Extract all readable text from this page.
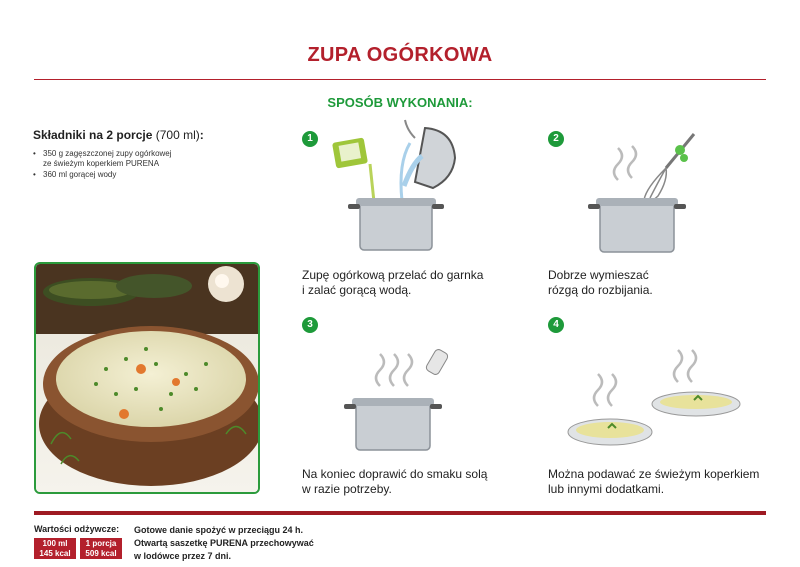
ZUPA OGÓRKOWA
SPOSÓB WYKONANIA:
Składniki na 2 porcje (700 ml):
• 350 g zagęszczonej zupy ogórkowej
ze świeżym koperkiem PURENA
• 360 ml gorącej wody
1
Zupę ogórkową przelać do garnka
i zalać gorącą wodą.
2
Dobrze wymieszać
rózgą do rozbijania.
3
Na koniec doprawić do smaku solą
w razie potrzeby.
4
Można podawać ze świeżym koperkiem
lub innymi dodatkami.
Wartości odżywcze:
100 ml
145 kcal
1 porcja
509 kcal
Gotowe danie spożyć w przeciągu 24 h.
Otwartą saszetkę PURENA przechowywać
w lodówce przez 7 dni.
